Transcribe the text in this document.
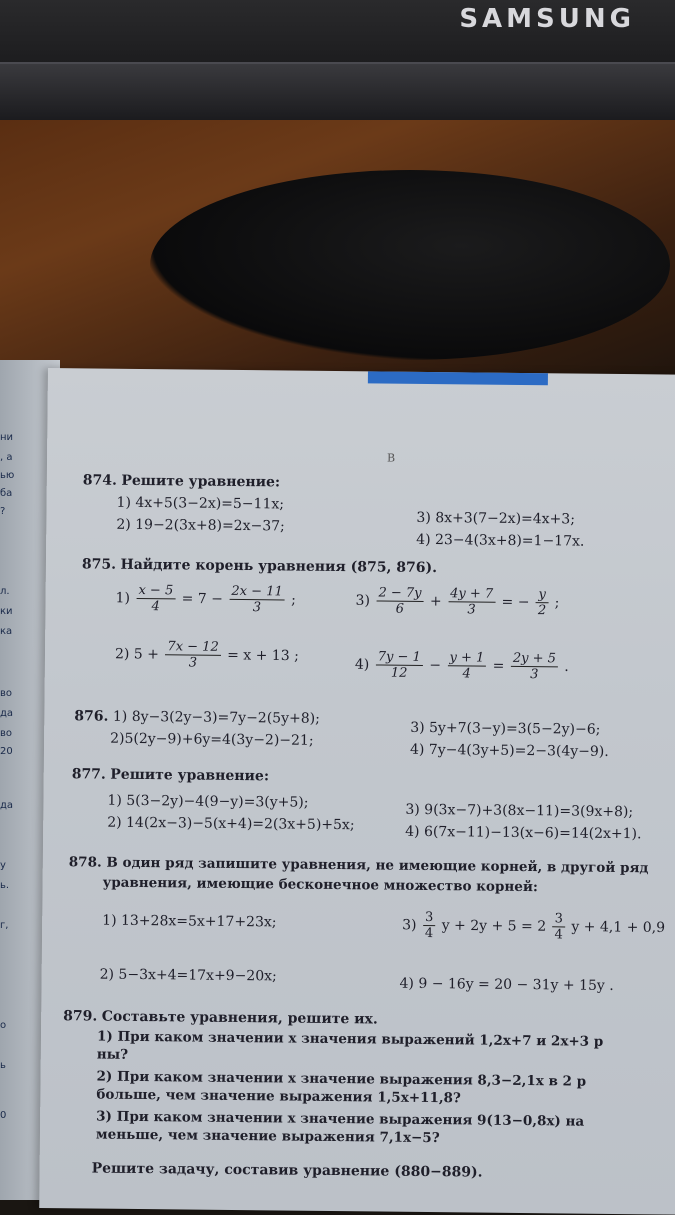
SAMSUNG
ни
, а
ью
ба
?
л.
ки
ка
во
да
во
20
да
у
ь.
г,
о
ь
0
В
874. Решите уравнение:
1) 4x+5(3−2x)=5−11x;
2) 19−2(3x+8)=2x−37;	3) 8x+3(7−2x)=4x+3;
4) 23−4(3x+8)=1−17x.
875. Найдите корень уравнения (875, 876).
$1) \frac{x - 5}{4} = 7 - \frac{2x - 11}{3}$ ;	$3) \frac{2 - 7y}{6} + \frac{4y + 7}{3}$ = − $\frac{y}{2}$ ;
2) $5 + \frac{7x - 12}{3} = x + 13$ ;
$4) \frac{7y - 1}{12} - \frac{y + 1}{4} = \frac{2y + 5}{3}$ .
876. 1) 8y−3(2y−3)=7y−2(5y+8);
2)5(2y−9)+6y=4(3y−2)−21;
3) 5y+7(3−y)=3(5−2y)−6;
4) 7y−4(3y+5)=2−3(4y−9).
877. Решите уравнение:
1) 5(3−2y)−4(9−y)=3(y+5);
2) 14(2x−3)−5(x+4)=2(3x+5)+5x;
3) 9(3x−7)+3(8x−11)=3(9x+8);
4) 6(7x−11)−13(x−6)=14(2x+1).
878. В один ряд запишите уравнения, не имеющие корней, в другой ряд
уравнения, имеющие бесконечное множество корней:
1) 13+28x=5x+17+23x;	$3) \frac{3}{4}$ $y + 2y + 5 = 2 \frac{3}{4}$ y + 4,1 + 0,9
2) 5−3x+4=17x+9−20x;
4) 9 − 16y = 20 − 31y + 15y .
879. Составьте уравнения, решите их.
1) При каком значении x значения выражений 1,2x+7 и 2x+3 р
ны?
2) При каком значении x значение выражения 8,3−2,1x в 2 р
больше, чем значение выражения 1,5x+11,8?
3) При каком значении x значение выражения 9(13−0,8x) на
меньше, чем значение выражения 7,1x−5?
Решите задачу, составив уравнение (880−889).
